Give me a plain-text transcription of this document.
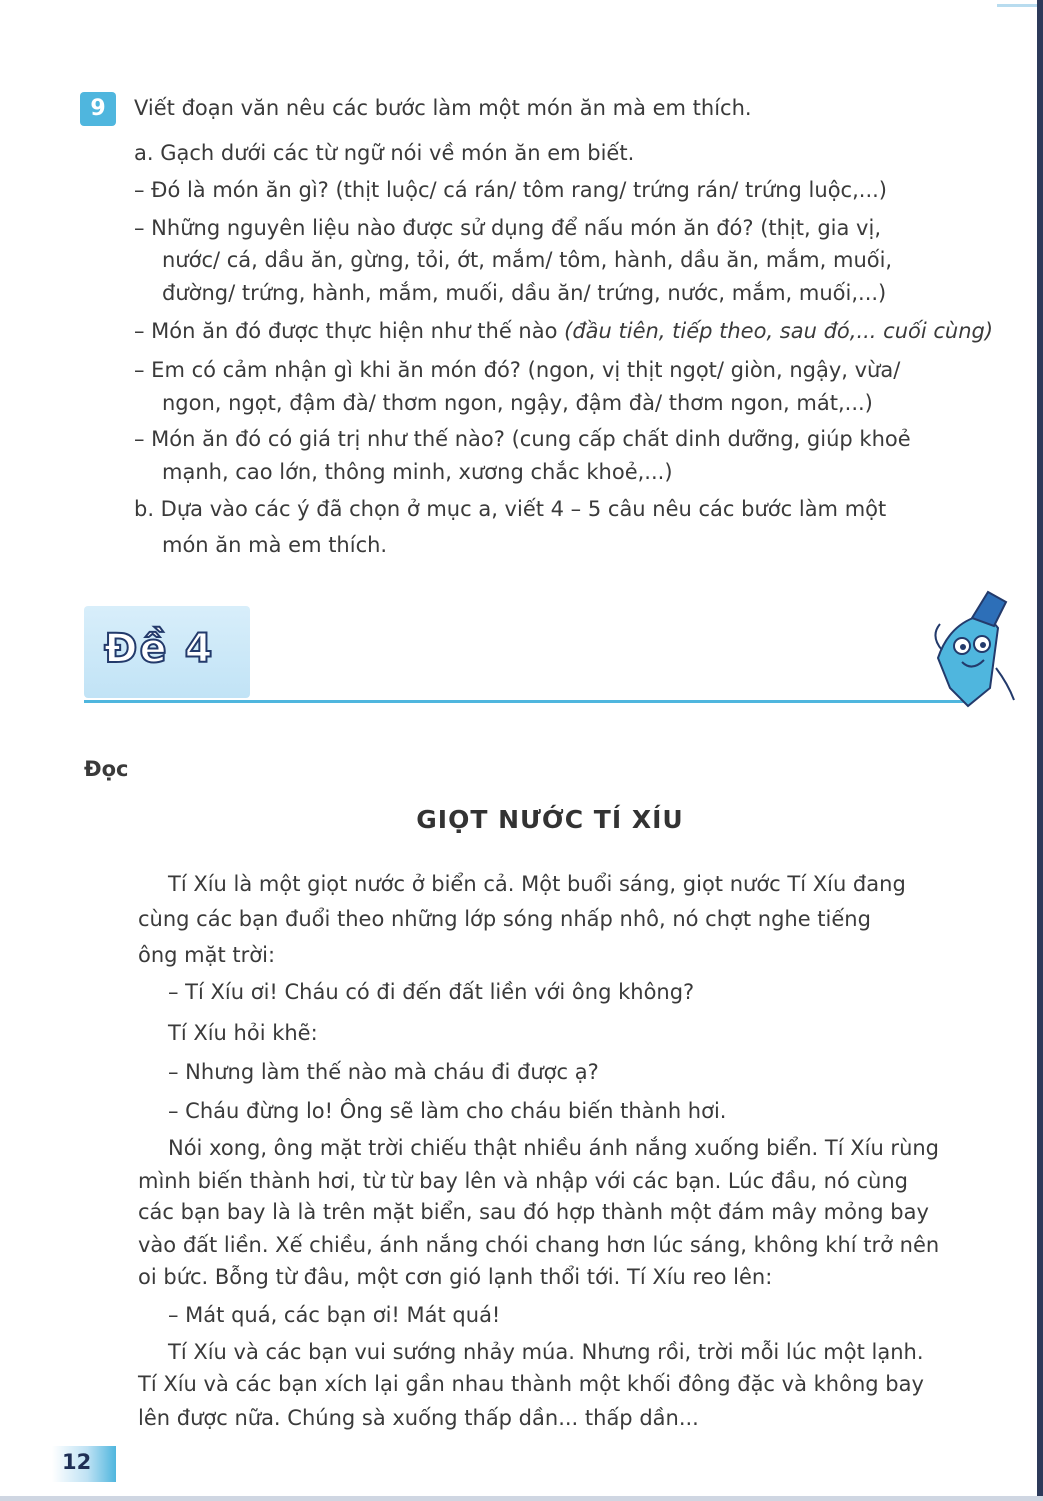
9	Viết đoạn văn nêu các bước làm một món ăn mà em thích.
a. Gạch dưới các từ ngữ nói về món ăn em biết.
– Đó là món ăn gì? (thịt luộc/ cá rán/ tôm rang/ trứng rán/ trứng luộc,...)
– Những nguyên liệu nào được sử dụng để nấu món ăn đó? (thịt, gia vị,
nước/ cá, dầu ăn, gừng, tỏi, ớt, mắm/ tôm, hành, dầu ăn, mắm, muối,
đường/ trứng, hành, mắm, muối, dầu ăn/ trứng, nước, mắm, muối,...)
– Món ăn đó được thực hiện như thế nào (đầu tiên, tiếp theo, sau đó,... cuối cùng)
– Em có cảm nhận gì khi ăn món đó? (ngon, vị thịt ngọt/ giòn, ngậy, vừa/
ngon, ngọt, đậm đà/ thơm ngon, ngậy, đậm đà/ thơm ngon, mát,...)
– Món ăn đó có giá trị như thế nào? (cung cấp chất dinh dưỡng, giúp khoẻ
mạnh, cao lớn, thông minh, xương chắc khoẻ,...)
b. Dựa vào các ý đã chọn ở mục a, viết 4 – 5 câu nêu các bước làm một
món ăn mà em thích.
Đề 4
Đọc
GIỌT NƯỚC TÍ XÍU
Tí Xíu là một giọt nước ở biển cả. Một buổi sáng, giọt nước Tí Xíu đang
cùng các bạn đuổi theo những lớp sóng nhấp nhô, nó chợt nghe tiếng
ông mặt trời:
– Tí Xíu ơi! Cháu có đi đến đất liền với ông không?
Tí Xíu hỏi khẽ:
– Nhưng làm thế nào mà cháu đi được ạ?
– Cháu đừng lo! Ông sẽ làm cho cháu biến thành hơi.
Nói xong, ông mặt trời chiếu thật nhiều ánh nắng xuống biển. Tí Xíu rùng
mình biến thành hơi, từ từ bay lên và nhập với các bạn. Lúc đầu, nó cùng
các bạn bay là là trên mặt biển, sau đó hợp thành một đám mây mỏng bay
vào đất liền. Xế chiều, ánh nắng chói chang hơn lúc sáng, không khí trở nên
oi bức. Bỗng từ đâu, một cơn gió lạnh thổi tới. Tí Xíu reo lên:
– Mát quá, các bạn ơi! Mát quá!
Tí Xíu và các bạn vui sướng nhảy múa. Nhưng rồi, trời mỗi lúc một lạnh.
Tí Xíu và các bạn xích lại gần nhau thành một khối đông đặc và không bay
lên được nữa. Chúng sà xuống thấp dần... thấp dần...
12
